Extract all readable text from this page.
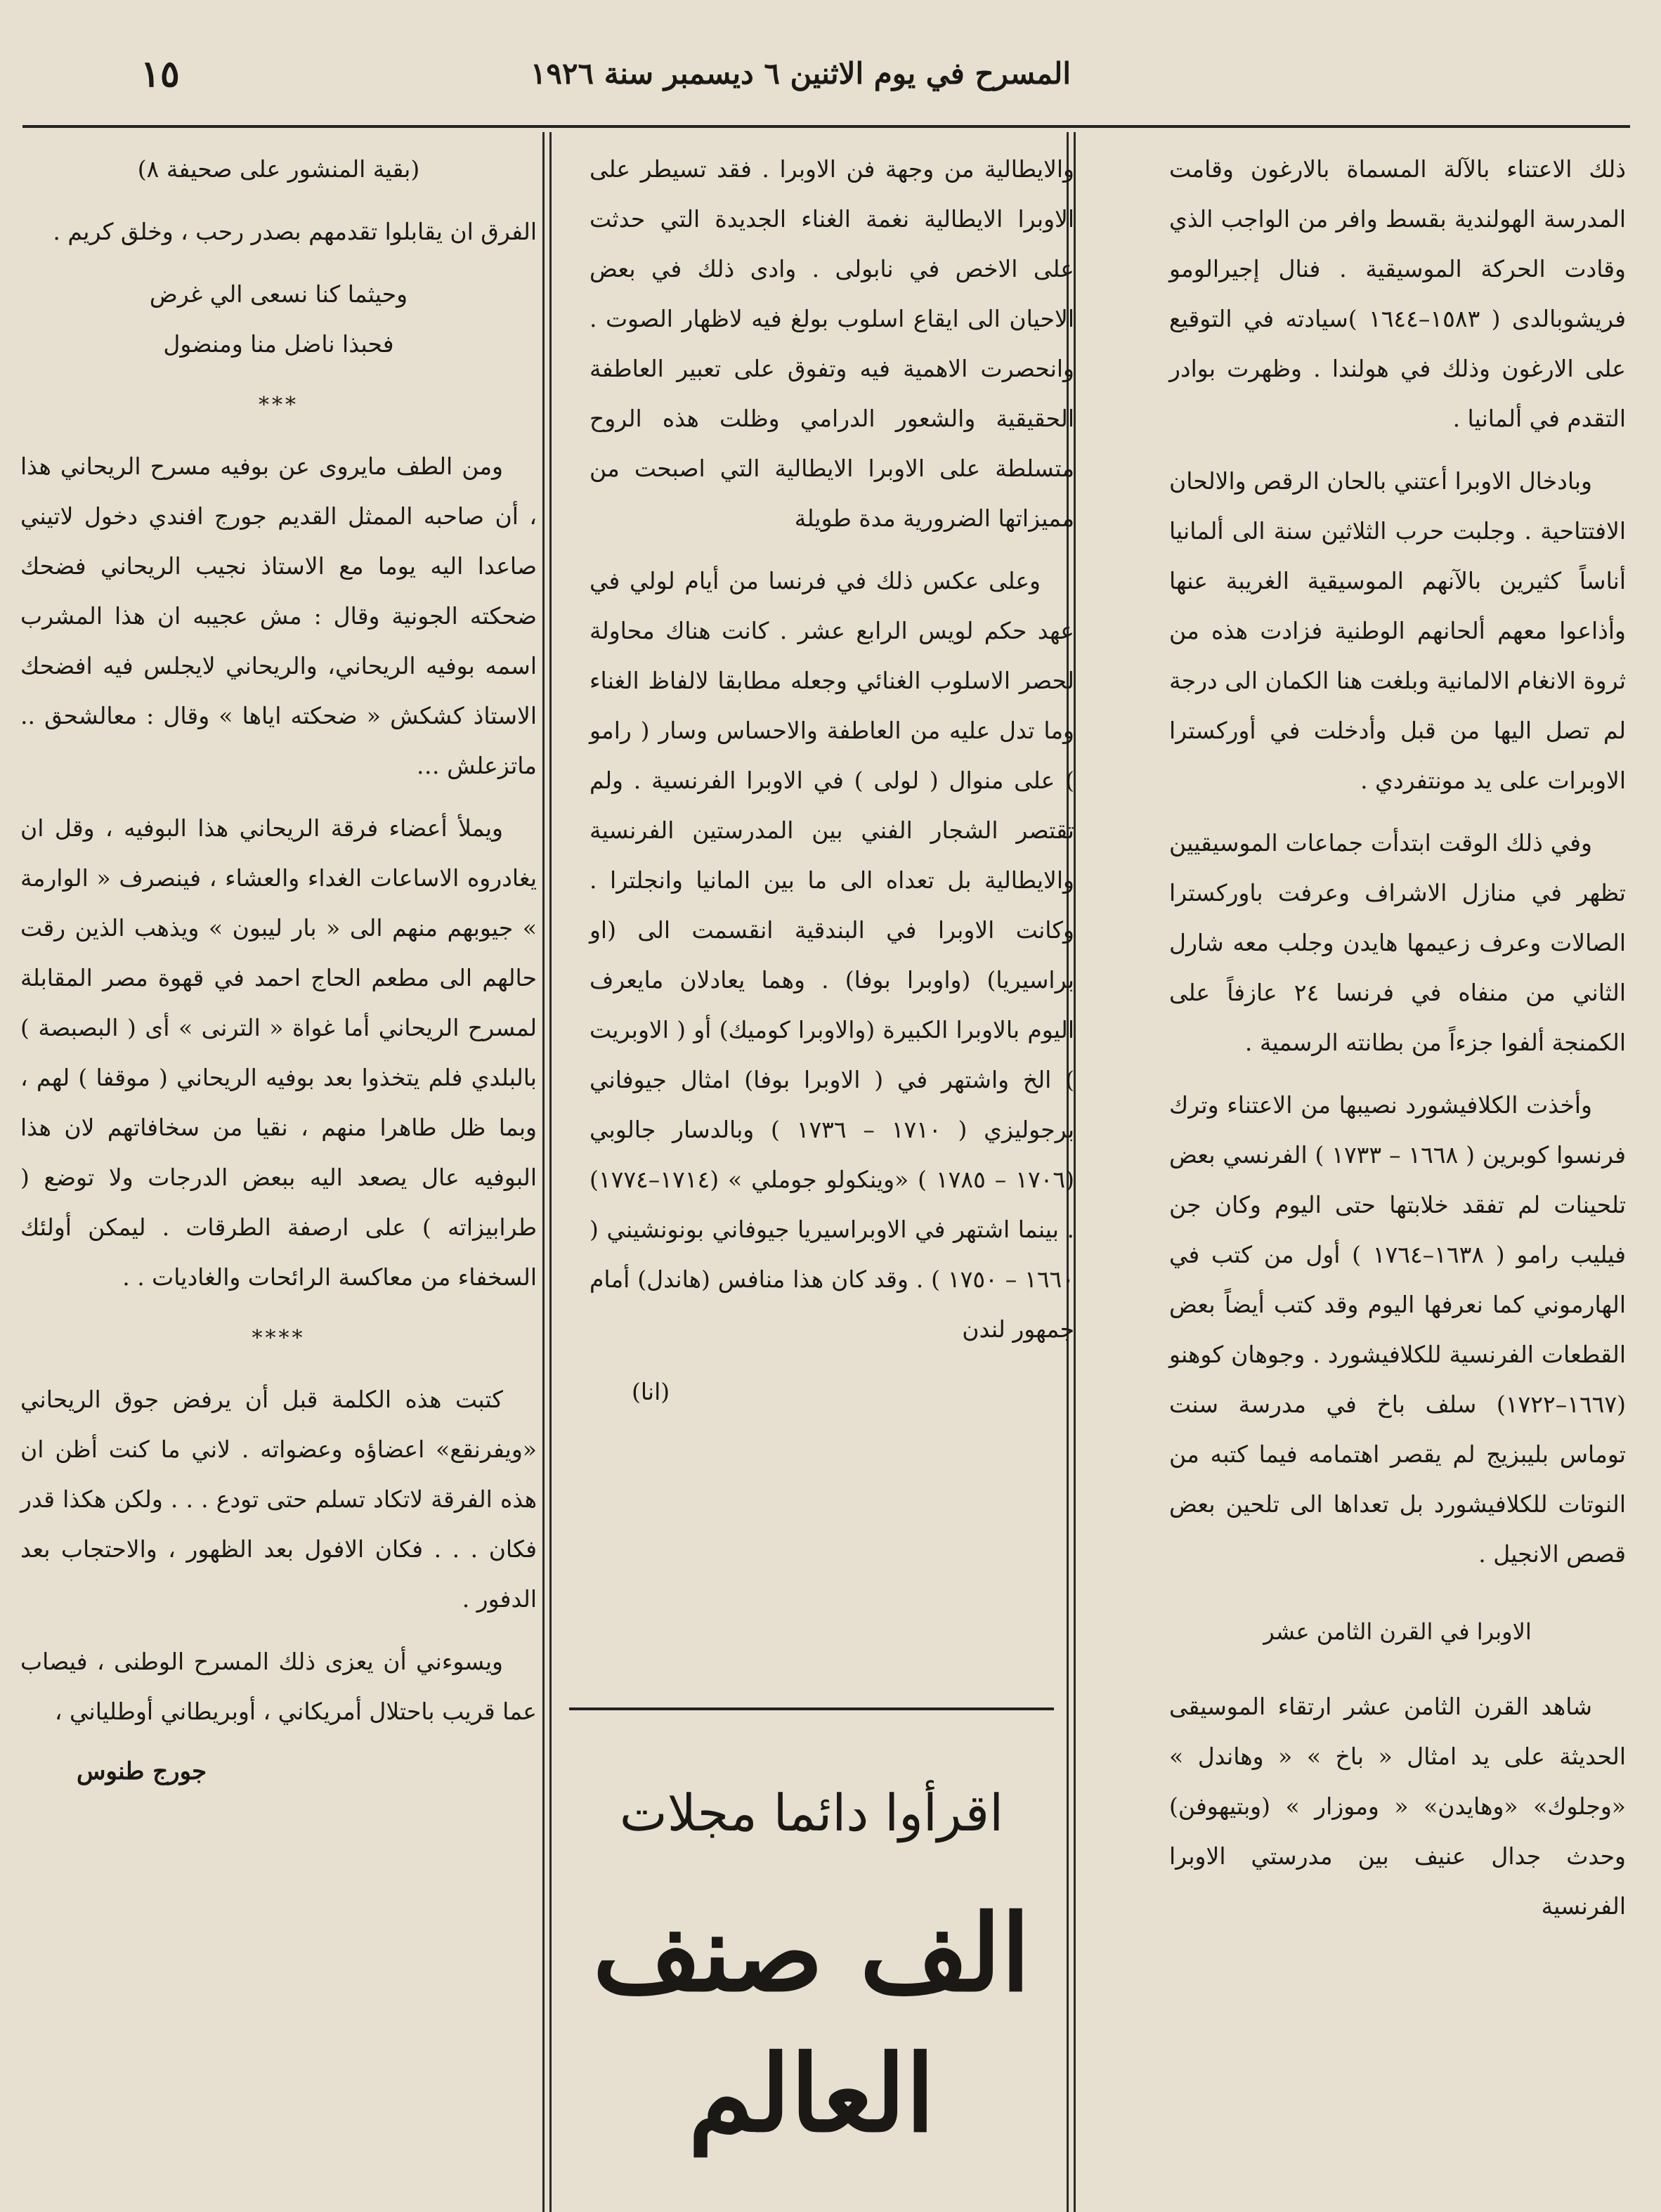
المسرح في يوم الاثنين ٦ ديسمبر سنة ١٩٢٦
١٥

ذلك الاعتناء بالآلة المسماة بالارغون وقامت المدرسة الهولندية بقسط وافر من الواجب الذي وقادت الحركة الموسيقية . فنال إجيرالومو فريشوبالدى ( ١٥٨٣–١٦٤٤ )سيادته في التوقيع على الارغون وذلك في هولندا . وظهرت بوادر التقدم في ألمانيا .

وبادخال الاوبرا أعتني بالحان الرقص والالحان الافتتاحية . وجلبت حرب الثلاثين سنة الى ألمانيا أناساً كثيرين بالآنهم الموسيقية الغريبة عنها وأذاعوا معهم ألحانهم الوطنية فزادت هذه من ثروة الانغام الالمانية وبلغت هنا الكمان الى درجة لم تصل اليها من قبل وأدخلت في أوركسترا الاوبرات على يد مونتفردي .

وفي ذلك الوقت ابتدأت جماعات الموسيقيين تظهر في منازل الاشراف وعرفت باوركسترا الصالات وعرف زعيمها هايدن وجلب معه شارل الثاني من منفاه في فرنسا ٢٤ عازفاً على الكمنجة ألفوا جزءاً من بطانته الرسمية .

وأخذت الكلافيشورد نصيبها من الاعتناء وترك فرنسوا كوبرين ( ١٦٦٨ – ١٧٣٣ ) الفرنسي بعض تلحينات لم تفقد خلابتها حتى اليوم وكان جن فيليب رامو ( ١٦٣٨–١٧٦٤ ) أول من كتب في الهارموني كما نعرفها اليوم وقد كتب أيضاً بعض القطعات الفرنسية للكلافيشورد . وجوهان كوهنو (١٦٦٧–١٧٢٢) سلف باخ في مدرسة سنت توماس بليبزيج لم يقصر اهتمامه فيما كتبه من النوتات للكلافيشورد بل تعداها الى تلحين بعض قصص الانجيل .

الاوبرا في القرن الثامن عشر

شاهد القرن الثامن عشر ارتقاء الموسيقى الحديثة على يد امثال « باخ » « وهاندل » «وجلوك» «وهايدن» « وموزار » (وبتيهوفن) وحدث جدال عنيف بين مدرستي الاوبرا الفرنسية

والايطالية من وجهة فن الاوبرا . فقد تسيطر على الاوبرا الايطالية نغمة الغناء الجديدة التي حدثت على الاخص في نابولى . وادى ذلك في بعض الاحيان الى ايقاع اسلوب بولغ فيه لاظهار الصوت . وانحصرت الاهمية فيه وتفوق على تعبير العاطفة الحقيقية والشعور الدرامي وظلت هذه الروح متسلطة على الاوبرا الايطالية التي اصبحت من مميزاتها الضرورية مدة طويلة

وعلى عكس ذلك في فرنسا من أيام لولي في عهد حكم لويس الرابع عشر . كانت هناك محاولة لحصر الاسلوب الغنائي وجعله مطابقا لالفاظ الغناء وما تدل عليه من العاطفة والاحساس وسار ( رامو ) على منوال ( لولى ) في الاوبرا الفرنسية . ولم تقتصر الشجار الفني بين المدرستين الفرنسية والايطالية بل تعداه الى ما بين المانيا وانجلترا . وكانت الاوبرا في البندقية انقسمت الى (او براسيريا) (واوبرا بوفا) . وهما يعادلان مايعرف اليوم بالاوبرا الكبيرة (والاوبرا كوميك) أو ( الاوبريت ) الخ واشتهر في ( الاوبرا بوفا) امثال جيوفاني برجوليزي ( ١٧١٠ – ١٧٣٦ ) وبالدسار جالوبي (١٧٠٦ – ١٧٨٥ ) «وينكولو جوملي » (١٧١٤–١٧٧٤) . بينما اشتهر في الاوبراسيريا جيوفاني بونونشيني ( ١٦٦٠ – ١٧٥٠ ) . وقد كان هذا منافس (هاندل) أمام جمهور لندن

(انا)

اقرأوا دائما مجلات
الف صنف
العالم

(بقية المنشور على صحيفة ٨)

الفرق ان يقابلوا تقدمهم بصدر رحب ، وخلق كريم .

وحيثما كنا نسعى الي غرض

فحبذا ناضل منا ومنضول

***

ومن الطف مايروى عن بوفيه مسرح الريحاني هذا ، أن صاحبه الممثل القديم جورج افندي دخول لاتيني صاعدا اليه يوما مع الاستاذ نجيب الريحاني فضحك ضحكته الجونية وقال : مش عجيبه ان هذا المشرب اسمه بوفيه الريحاني، والريحاني لايجلس فيه افضحك الاستاذ كشكش « ضحكته اياها » وقال : معالشحق .. ماتزعلش …

ويملأ أعضاء فرقة الريحاني هذا البوفيه ، وقل ان يغادروه الاساعات الغداء والعشاء ، فينصرف « الوارمة » جيوبهم منهم الى « بار ليبون » ويذهب الذين رقت حالهم الى مطعم الحاج احمد في قهوة مصر المقابلة لمسرح الريحاني أما غواة « الترنى » أى ( البصبصة ) بالبلدي فلم يتخذوا بعد بوفيه الريحاني ( موقفا ) لهم ، وبما ظل طاهرا منهم ، نقيا من سخافاتهم لان هذا البوفيه عال يصعد اليه ببعض الدرجات ولا توضع ( طرابيزاته ) على ارصفة الطرقات . ليمكن أولئك السخفاء من معاكسة الرائحات والغاديات . .

****

كتبت هذه الكلمة قبل أن يرفض جوق الريحاني «ويفرنقع» اعضاؤه وعضواته . لاني ما كنت أظن ان هذه الفرقة لاتكاد تسلم حتى تودع . . . ولكن هكذا قدر فكان . . . فكان الافول بعد الظهور ، والاحتجاب بعد الدفور .

ويسوءني أن يعزى ذلك المسرح الوطنى ، فيصاب عما قريب باحتلال أمريكاني ، أوبريطاني أوطلياني ،

جورج طنوس
